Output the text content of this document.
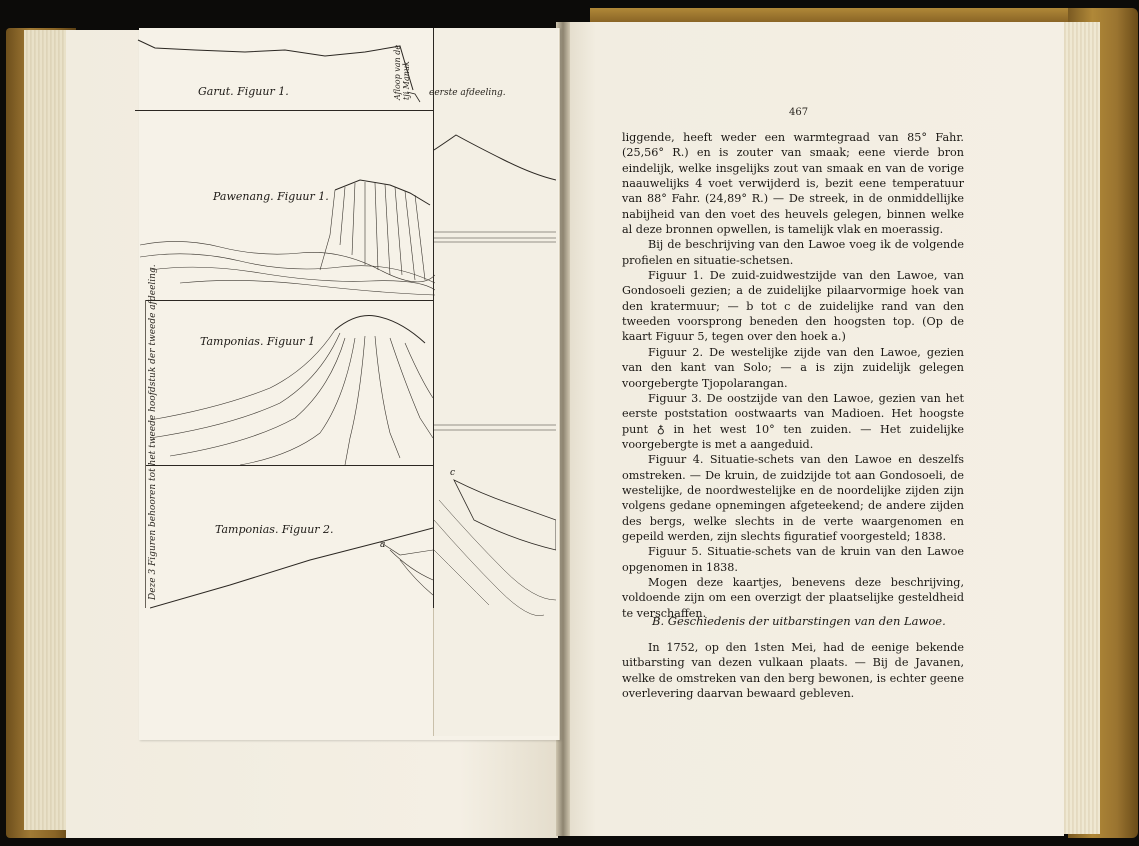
Garut. Figuur 1.	Afloop van de tji Manuk eerste afdeeling.
Pawenang. Figuur 1.
Tamponias. Figuur 1
Tamponias. Figuur 2.
a
c
Deze 3 Figuren behooren tot het tweede hoofdstuk der tweede afdeeling.
467

liggende, heeft weder een warmtegraad van 85° Fahr. (25,56° R.) en is zouter van smaak; eene vierde bron eindelijk, welke insgelijks zout van smaak en van de vorige naauwelijks 4 voet verwijderd is, bezit eene temperatuur van 88° Fahr. (24,89° R.) — De streek, in de onmiddellijke nabijheid van den voet des heuvels gelegen, binnen welke al deze bronnen opwellen, is tamelijk vlak en moerassig.

Bij de beschrijving van den Lawoe voeg ik de volgende profielen en situatie-schetsen.

Figuur 1. De zuid-zuidwestzijde van den Lawoe, van Gondosoeli gezien; a de zuidelijke pilaarvormige hoek van den kratermuur; — b tot c de zuidelijke rand van den tweeden voorsprong beneden den hoogsten top. (Op de kaart Figuur 5, tegen over den hoek a.)

Figuur 2. De westelijke zijde van den Lawoe, gezien van den kant van Solo; — a is zijn zuidelijk gelegen voorgebergte Tjopolarangan.

Figuur 3. De oostzijde van den Lawoe, gezien van het eerste poststation oostwaarts van Madioen. Het hoogste punt ♁ in het west 10° ten zuiden. — Het zuidelijke voorgebergte is met a aangeduid.

Figuur 4. Situatie-schets van den Lawoe en deszelfs omstreken. — De kruin, de zuidzijde tot aan Gondosoeli, de westelijke, de noordwestelijke en de noordelijke zijden zijn volgens gedane opnemingen afgeteekend; de andere zijden des bergs, welke slechts in de verte waargenomen en gepeild werden, zijn slechts figuratief voorgesteld; 1838.

Figuur 5. Situatie-schets van de kruin van den Lawoe opgenomen in 1838.

Mogen deze kaartjes, benevens deze beschrijving, voldoende zijn om een overzigt der plaatselijke gesteldheid te verschaffen.

B. Geschiedenis der uitbarstingen van den Lawoe.

In 1752, op den 1sten Mei, had de eenige bekende uitbarsting van dezen vulkaan plaats. — Bij de Javanen, welke de omstreken van den berg bewonen, is echter geene overlevering daarvan bewaard gebleven.
